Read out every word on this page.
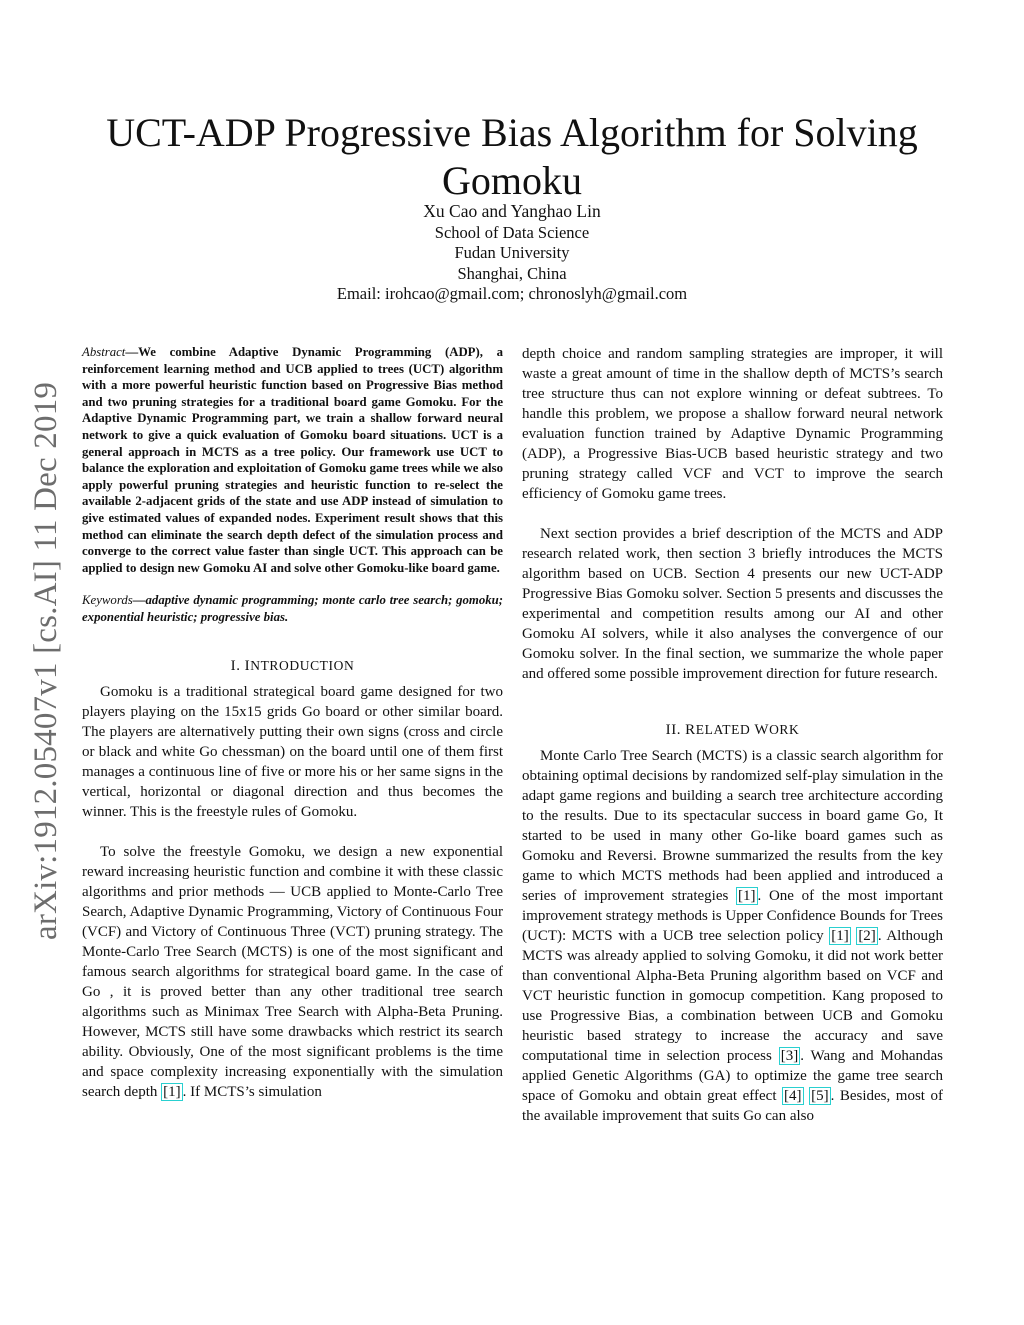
arXiv:1912.05407v1 [cs.AI] 11 Dec 2019
UCT-ADP Progressive Bias Algorithm for Solving Gomoku
Xu Cao and Yanghao Lin
School of Data Science
Fudan University
Shanghai, China
Email: irohcao@gmail.com; chronoslyh@gmail.com
Abstract—We combine Adaptive Dynamic Programming (ADP), a reinforcement learning method and UCB applied to trees (UCT) algorithm with a more powerful heuristic function based on Progressive Bias method and two pruning strategies for a traditional board game Gomoku. For the Adaptive Dynamic Programming part, we train a shallow forward neural network to give a quick evaluation of Gomoku board situations. UCT is a general approach in MCTS as a tree policy. Our framework use UCT to balance the exploration and exploitation of Gomoku game trees while we also apply powerful pruning strategies and heuristic function to re-select the available 2-adjacent grids of the state and use ADP instead of simulation to give estimated values of expanded nodes. Experiment result shows that this method can eliminate the search depth defect of the simulation process and converge to the correct value faster than single UCT. This approach can be applied to design new Gomoku AI and solve other Gomoku-like board game.
Keywords—adaptive dynamic programming; monte carlo tree search; gomoku; exponential heuristic; progressive bias.
I. INTRODUCTION

Gomoku is a traditional strategical board game designed for two players playing on the 15x15 grids Go board or other similar board. The players are alternatively putting their own signs (cross and circle or black and white Go chessman) on the board until one of them first manages a continuous line of five or more his or her same signs in the vertical, horizontal or diagonal direction and thus becomes the winner. This is the freestyle rules of Gomoku.

To solve the freestyle Gomoku, we design a new exponential reward increasing heuristic function and combine it with these classic algorithms and prior methods — UCB applied to Monte-Carlo Tree Search, Adaptive Dynamic Programming, Victory of Continuous Four (VCF) and Victory of Continuous Three (VCT) pruning strategy. The Monte-Carlo Tree Search (MCTS) is one of the most significant and famous search algorithms for strategical board game. In the case of Go , it is proved better than any other traditional tree search algorithms such as Minimax Tree Search with Alpha-Beta Pruning. However, MCTS still have some drawbacks which restrict its search ability. Obviously, One of the most significant problems is the time and space complexity increasing exponentially with the simulation search depth [1] . If MCTS’s simulation

depth choice and random sampling strategies are improper, it will waste a great amount of time in the shallow depth of MCTS’s search tree structure thus can not explore winning or defeat subtrees. To handle this problem, we propose a shallow forward neural network evaluation function trained by Adaptive Dynamic Programming (ADP), a Progressive Bias-UCB based heuristic strategy and two pruning strategy called VCF and VCT to improve the search efficiency of Gomoku game trees.

Next section provides a brief description of the MCTS and ADP research related work, then section 3 briefly introduces the MCTS algorithm based on UCB. Section 4 presents our new UCT-ADP Progressive Bias Gomoku solver. Section 5 presents and discusses the experimental and competition results among our AI and other Gomoku AI solvers, while it also analyses the convergence of our Gomoku solver. In the final section, we summarize the whole paper and offered some possible improvement direction for future research.

II. RELATED WORK

Monte Carlo Tree Search (MCTS) is a classic search algorithm for obtaining optimal decisions by randomized self-play simulation in the adapt game regions and building a search tree architecture according to the results. Due to its spectacular success in board game Go, It started to be used in many other Go-like board games such as Gomoku and Reversi. Browne summarized the results from the key game to which MCTS methods had been applied and introduced a series of improvement strategies [1] . One of the most important improvement strategy methods is Upper Confidence Bounds for Trees (UCT): MCTS with a UCB tree selection policy [1] [2] . Although MCTS was already applied to solving Gomoku, it did not work better than conventional Alpha-Beta Pruning algorithm based on VCF and VCT heuristic function in gomocup competition. Kang proposed to use Progressive Bias, a combination between UCB and Gomoku heuristic based strategy to increase the accuracy and save computational time in selection process [3] . Wang and Mohandas applied Genetic Algorithms (GA) to optimize the game tree search space of Gomoku and obtain great effect [4] [5] . Besides, most of the available improvement that suits Go can also
